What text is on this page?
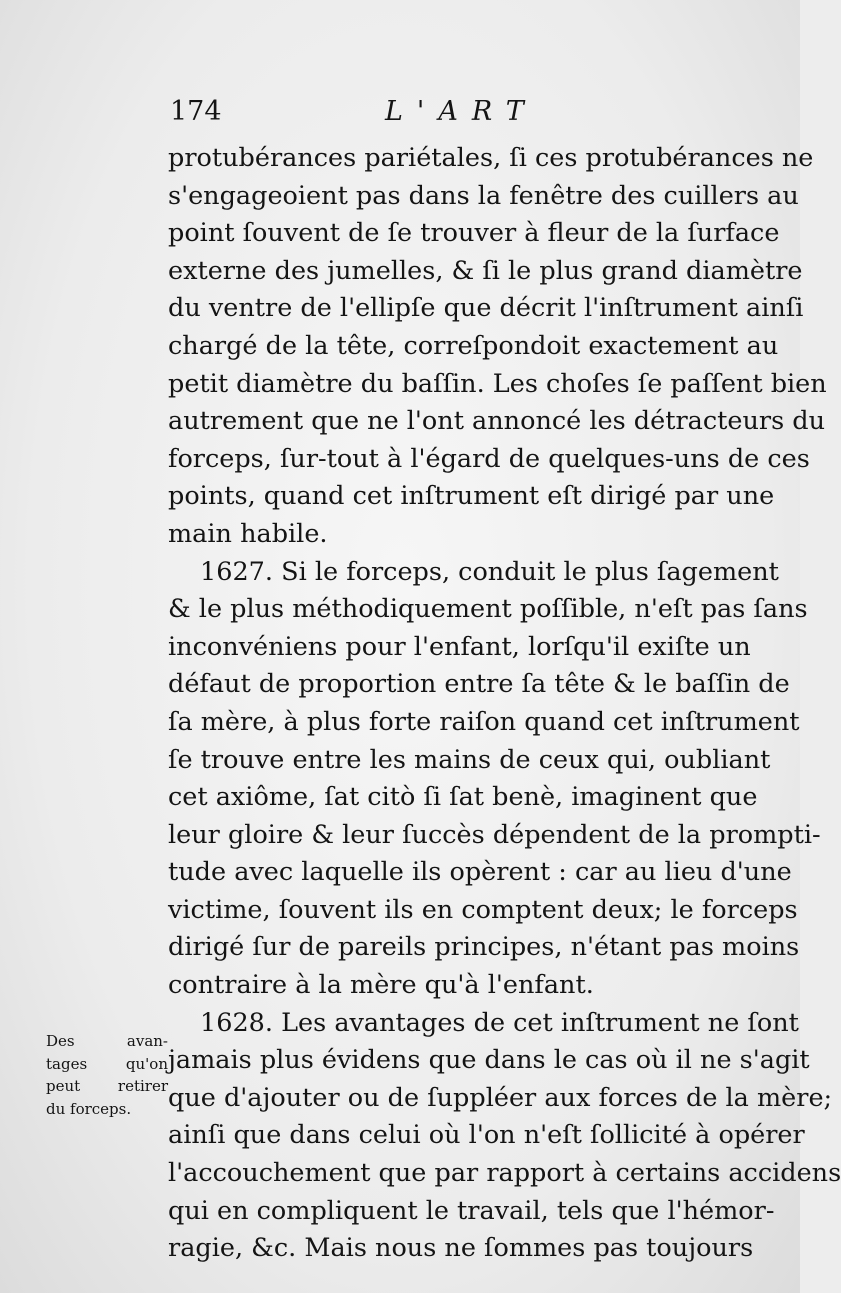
174	L'ART
protubérances pariétales, ſi ces protubérances ne
s'engageoient pas dans la fenêtre des cuillers au
point ſouvent de ſe trouver à fleur de la ſurface
externe des jumelles, & ſi le plus grand diamètre
du ventre de l'ellipſe que décrit l'inſtrument ainſi
chargé de la tête, correſpondoit exactement au
petit diamètre du baſſin. Les choſes ſe paſſent bien
autrement que ne l'ont annoncé les détracteurs du
forceps, ſur-tout à l'égard de quelques-uns de ces
points, quand cet inſtrument eſt dirigé par une
main habile.
1627. Si le forceps, conduit le plus ſagement
& le plus méthodiquement poſſible, n'eſt pas ſans
inconvéniens pour l'enfant, lorſqu'il exiſte un
défaut de proportion entre ſa tête & le baſſin de
ſa mère, à plus forte raiſon quand cet inſtrument
ſe trouve entre les mains de ceux qui, oubliant
cet axiôme, ſat citò ſi ſat benè, imaginent que
leur gloire & leur ſuccès dépendent de la prompti-
tude avec laquelle ils opèrent : car au lieu d'une
victime, ſouvent ils en comptent deux; le forceps
dirigé ſur de pareils principes, n'étant pas moins
contraire à la mère qu'à l'enfant.
1628. Les avantages de cet inſtrument ne ſont
jamais plus évidens que dans le cas où il ne s'agit
que d'ajouter ou de ſuppléer aux forces de la mère;
ainſi que dans celui où l'on n'eſt ſollicité à opérer
l'accouchement que par rapport à certains accidens
qui en compliquent le travail, tels que l'hémor-
ragie, &c. Mais nous ne ſommes pas toujours
Des avan-
tages qu'on
peut retirer
du forceps.
